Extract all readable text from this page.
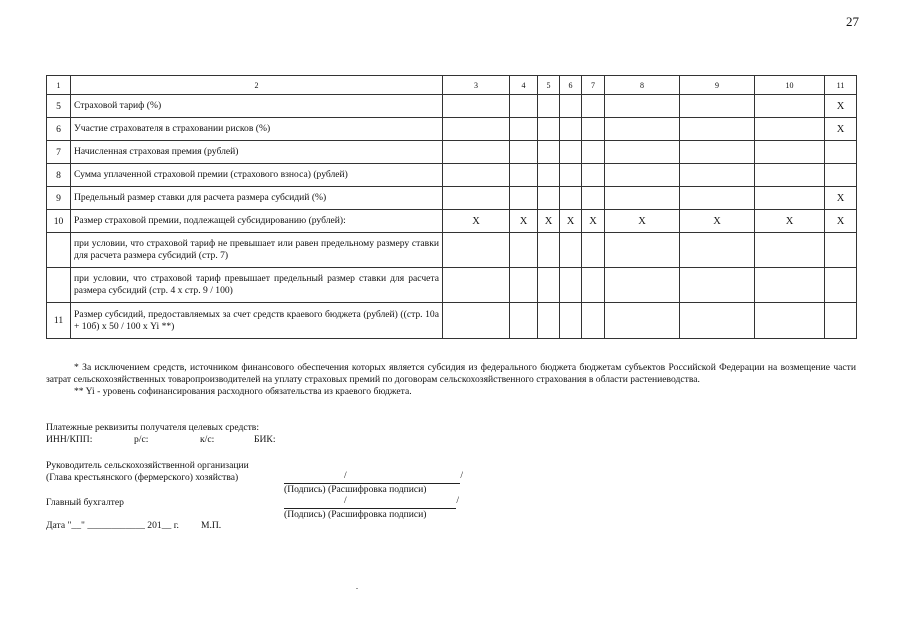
27
1	2	3	4	5	6	7	8	9	10	11
5	Страховой тариф (%)									X
6	Участие страхователя в страховании рисков (%)									X
7	Начисленная страховая премия (рублей)									
8	Сумма уплаченной страховой премии (страхового взноса) (рублей)									
9	Предельный размер ставки для расчета размера субсидий (%)									X
10	Размер страховой премии, подлежащей субсидированию (рублей):	X	X	X	X	X	X	X	X	X
	при условии, что страховой тариф не превышает или равен предельному размеру ставки для расчета размера субсидий (стр. 7)									
	при условии, что страховой тариф превышает предельный размер ставки для расчета размера субсидий (стр. 4 х стр. 9 / 100)									
11	Размер субсидий, предоставляемых за счет средств краевого бюджета (рублей) ((стр. 10а + 10б) х 50 / 100 х Yi **)									

* За исключением средств, источником финансового обеспечения которых является субсидия из федерального бюджета бюджетам субъектов Российской Федерации на возмещение части затрат сельскохозяйственных товаропроизводителей на уплату страховых премий по договорам сельскохозяйственного страхования в области растениеводства.

** Yi - уровень софинансирования расходного обязательства из краевого бюджета.

Платежные реквизиты получателя целевых средств:
ИНН/КПП:	р/с:	к/с:	БИК:
Руководитель сельскохозяйственной организации
(Глава крестьянского (фермерского) хозяйства)	/	/
(Подпись) (Расшифровка подписи)
Главный бухгалтер	/	/
(Подпись) (Расшифровка подписи)
Дата "__" ____________ 201__ г. М.П.
